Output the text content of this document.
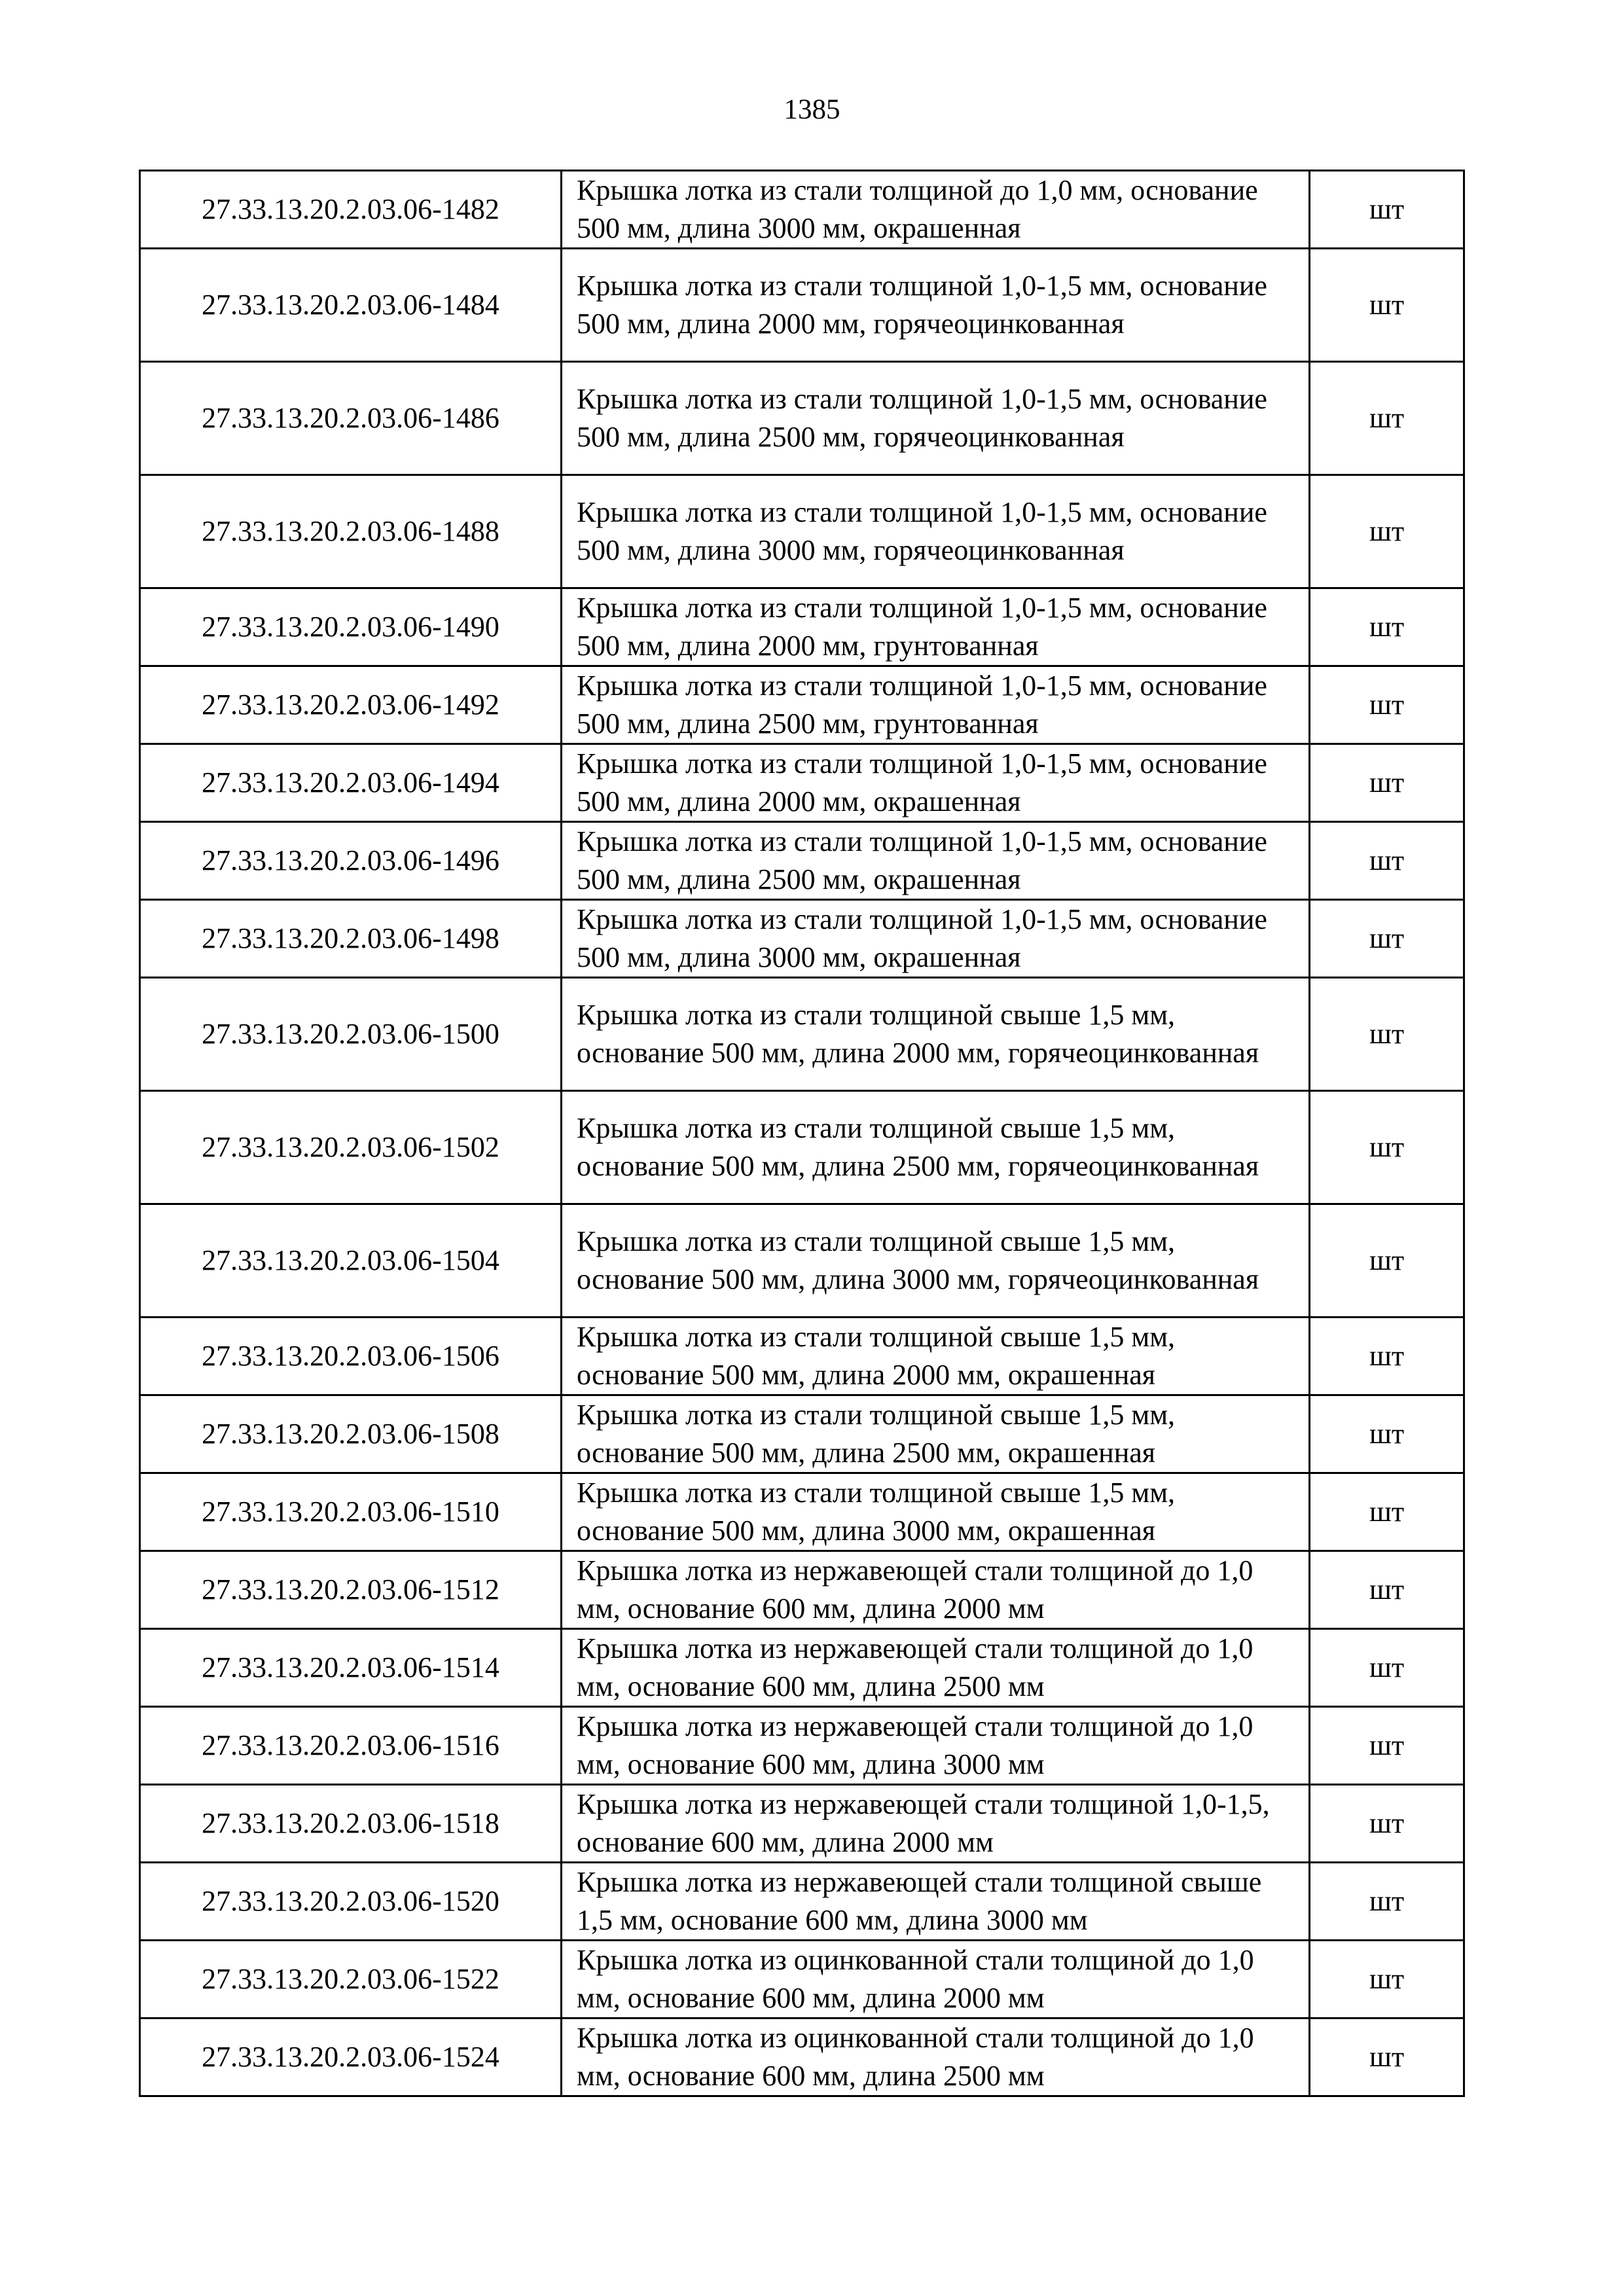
1385
27.33.13.20.2.03.06-1482	Крышка лотка из стали толщиной до 1,0 мм, основание 500 мм, длина 3000 мм, окрашенная	шт
27.33.13.20.2.03.06-1484	Крышка лотка из стали толщиной 1,0-1,5 мм, основание 500 мм, длина 2000 мм, горячеоцинкованная	шт
27.33.13.20.2.03.06-1486	Крышка лотка из стали толщиной 1,0-1,5 мм, основание 500 мм, длина 2500 мм, горячеоцинкованная	шт
27.33.13.20.2.03.06-1488	Крышка лотка из стали толщиной 1,0-1,5 мм, основание 500 мм, длина 3000 мм, горячеоцинкованная	шт
27.33.13.20.2.03.06-1490	Крышка лотка из стали толщиной 1,0-1,5 мм, основание 500 мм, длина 2000 мм, грунтованная	шт
27.33.13.20.2.03.06-1492	Крышка лотка из стали толщиной 1,0-1,5 мм, основание 500 мм, длина 2500 мм, грунтованная	шт
27.33.13.20.2.03.06-1494	Крышка лотка из стали толщиной 1,0-1,5 мм, основание 500 мм, длина 2000 мм, окрашенная	шт
27.33.13.20.2.03.06-1496	Крышка лотка из стали толщиной 1,0-1,5 мм, основание 500 мм, длина 2500 мм, окрашенная	шт
27.33.13.20.2.03.06-1498	Крышка лотка из стали толщиной 1,0-1,5 мм, основание 500 мм, длина 3000 мм, окрашенная	шт
27.33.13.20.2.03.06-1500	Крышка лотка из стали толщиной свыше 1,5 мм, основание 500 мм, длина 2000 мм, горячеоцинкованная	шт
27.33.13.20.2.03.06-1502	Крышка лотка из стали толщиной свыше 1,5 мм, основание 500 мм, длина 2500 мм, горячеоцинкованная	шт
27.33.13.20.2.03.06-1504	Крышка лотка из стали толщиной свыше 1,5 мм, основание 500 мм, длина 3000 мм, горячеоцинкованная	шт
27.33.13.20.2.03.06-1506	Крышка лотка из стали толщиной свыше 1,5 мм, основание 500 мм, длина 2000 мм, окрашенная	шт
27.33.13.20.2.03.06-1508	Крышка лотка из стали толщиной свыше 1,5 мм, основание 500 мм, длина 2500 мм, окрашенная	шт
27.33.13.20.2.03.06-1510	Крышка лотка из стали толщиной свыше 1,5 мм, основание 500 мм, длина 3000 мм, окрашенная	шт
27.33.13.20.2.03.06-1512	Крышка лотка из нержавеющей стали толщиной до 1,0 мм, основание 600 мм, длина 2000 мм	шт
27.33.13.20.2.03.06-1514	Крышка лотка из нержавеющей стали толщиной до 1,0 мм, основание 600 мм, длина 2500 мм	шт
27.33.13.20.2.03.06-1516	Крышка лотка из нержавеющей стали толщиной до 1,0 мм, основание 600 мм, длина 3000 мм	шт
27.33.13.20.2.03.06-1518	Крышка лотка из нержавеющей стали толщиной 1,0-1,5, основание 600 мм, длина 2000 мм	шт
27.33.13.20.2.03.06-1520	Крышка лотка из нержавеющей стали толщиной свыше 1,5 мм, основание 600 мм, длина 3000 мм	шт
27.33.13.20.2.03.06-1522	Крышка лотка из оцинкованной стали толщиной до 1,0 мм, основание 600 мм, длина 2000 мм	шт
27.33.13.20.2.03.06-1524	Крышка лотка из оцинкованной стали толщиной до 1,0 мм, основание 600 мм, длина 2500 мм	шт
